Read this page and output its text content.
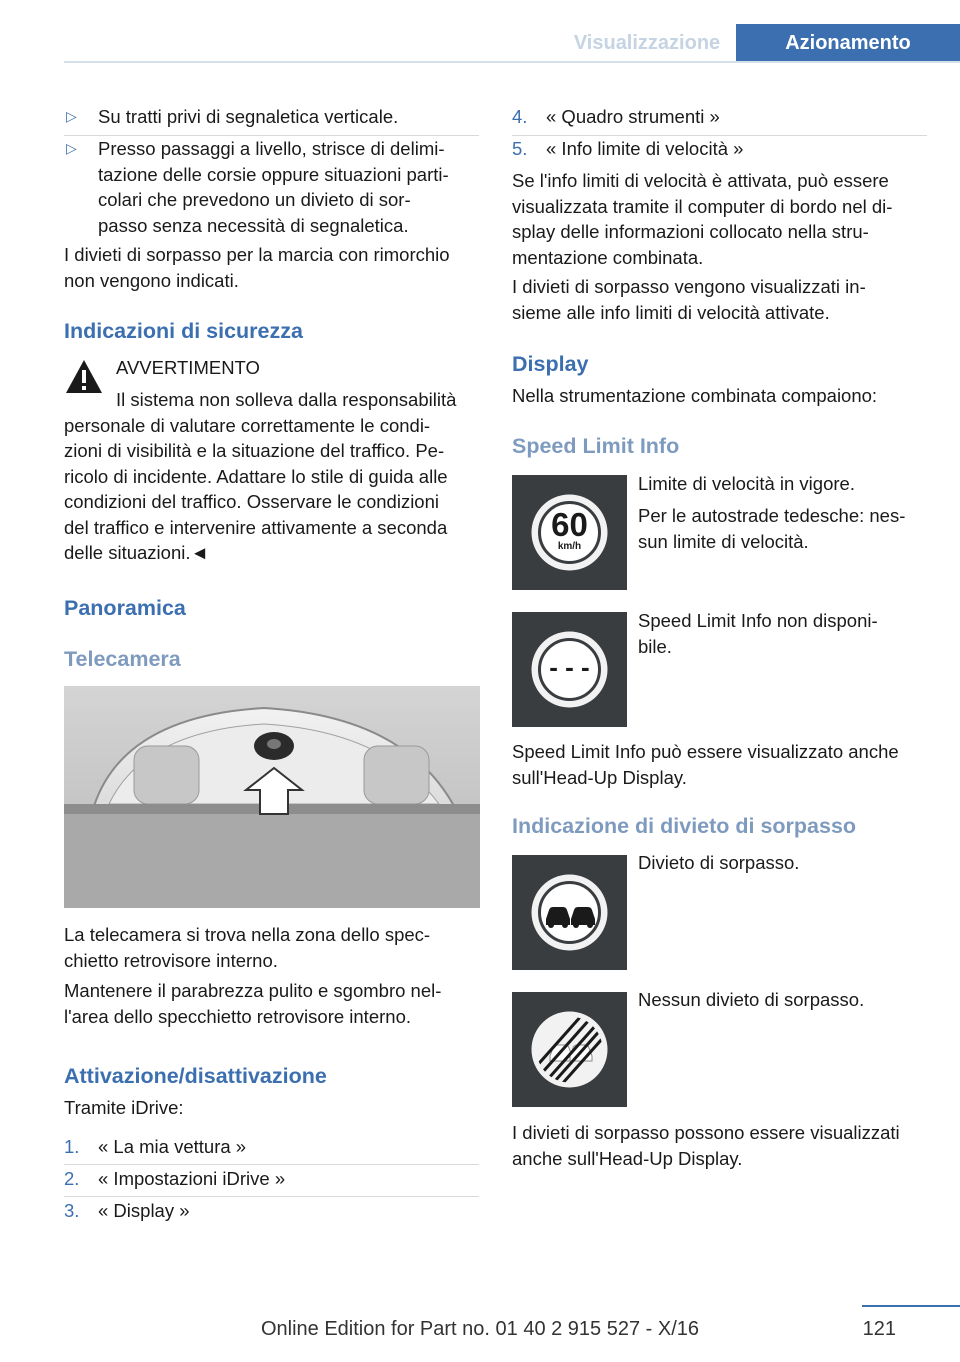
Visualizzazione	Azionamento
▷ Su tratti privi di segnaletica verticale.
▷ Presso passaggi a livello, strisce di delimi-
tazione delle corsie oppure situazioni parti-
colari che prevedono un divieto di sor-
passo senza necessità di segnaletica.
I divieti di sorpasso per la marcia con rimorchio
non vengono indicati.
Indicazioni di sicurezza
AVVERTIMENTO
Il sistema non solleva dalla responsabilità
personale di valutare correttamente le condi-
zioni di visibilità e la situazione del traffico. Pe-
ricolo di incidente. Adattare lo stile di guida alle
condizioni del traffico. Osservare le condizioni
del traffico e intervenire attivamente a seconda
delle situazioni.◄
Panoramica
Telecamera
La telecamera si trova nella zona dello spec-
chietto retrovisore interno.
Mantenere il parabrezza pulito e sgombro nel-
l'area dello specchietto retrovisore interno.
Attivazione/disattivazione
Tramite iDrive:
1. « La mia vettura »
2. « Impostazioni iDrive »
3. « Display »
4. « Quadro strumenti »
5. « Info limite di velocità »
Se l'info limiti di velocità è attivata, può essere
visualizzata tramite il computer di bordo nel di-
splay delle informazioni collocato nella stru-
mentazione combinata.
I divieti di sorpasso vengono visualizzati in-
sieme alle info limiti di velocità attivate.
Display
Nella strumentazione combinata compaiono:
Speed Limit Info
60
km/h
Limite di velocità in vigore.
Per le autostrade tedesche: nes-
sun limite di velocità.
- - -
Speed Limit Info non disponi-
bile.
Speed Limit Info può essere visualizzato anche
sull'Head-Up Display.
Indicazione di divieto di sorpasso
Divieto di sorpasso.
Nessun divieto di sorpasso.
I divieti di sorpasso possono essere visualizzati
anche sull'Head-Up Display.
Online Edition for Part no. 01 40 2 915 527 - X/16	121
